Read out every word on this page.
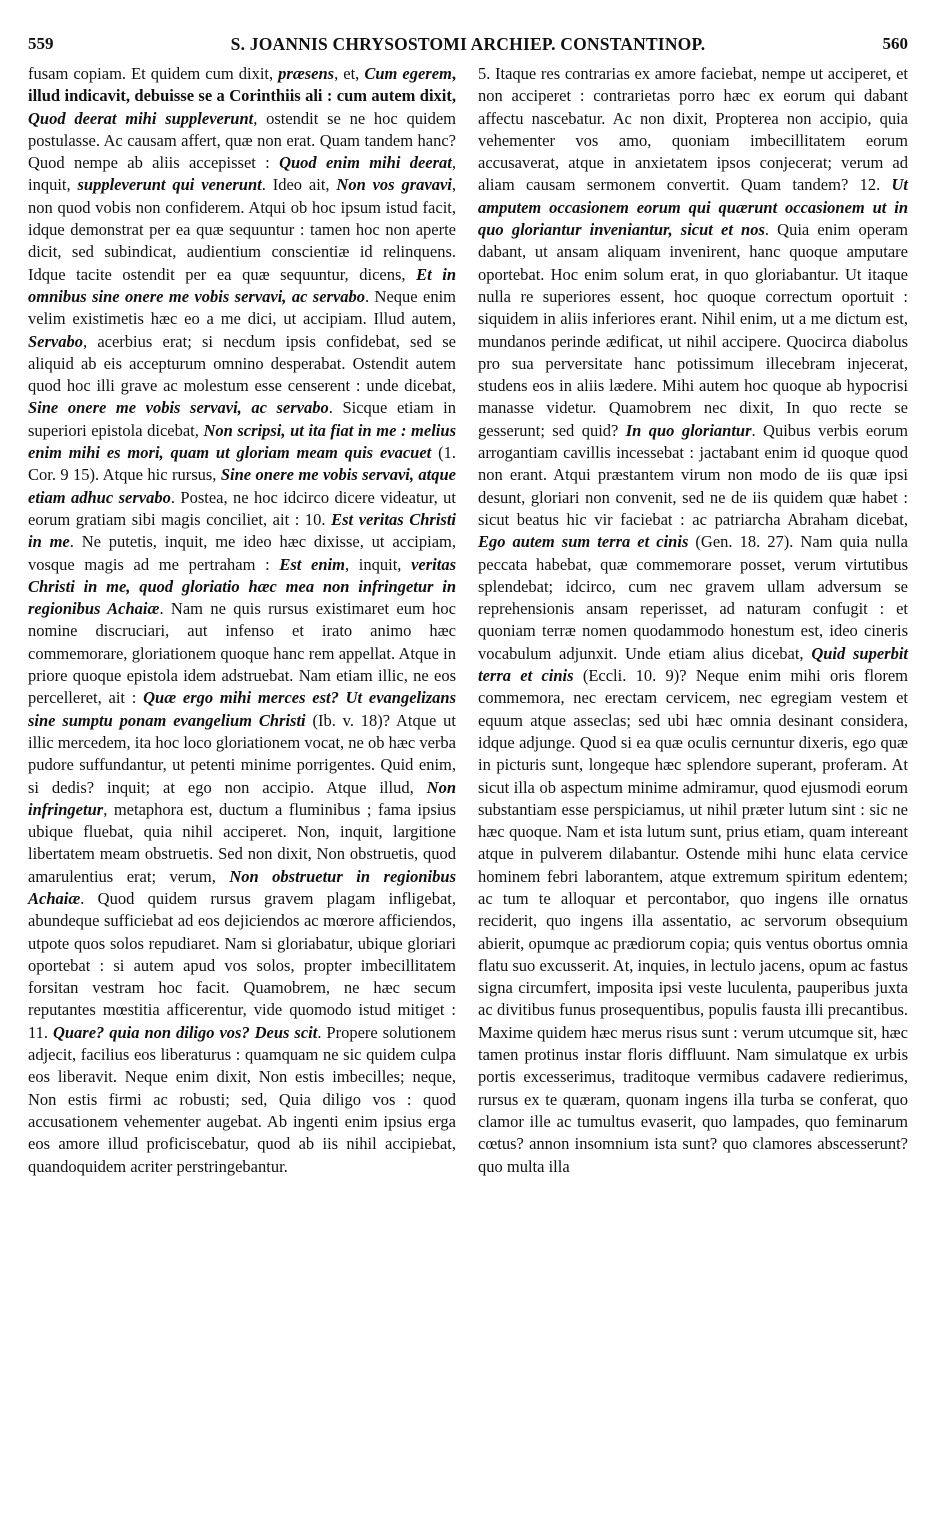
559	S. JOANNIS CHRYSOSTOMI ARCHIEP. CONSTANTINOP.	560

fusam copiam. Et quidem cum dixit, præsens, et, Cum egerem, illud indicavit, debuisse se a Corinthiis ali : cum autem dixit, Quod deerat mihi suppleverunt, ostendit se ne hoc quidem postulasse. Ac causam affert, quæ non erat. Quam tandem hanc? Quod nempe ab aliis accepisset : Quod enim mihi deerat, inquit, suppleverunt qui venerunt. Ideo ait, Non vos gravavi, non quod vobis non confiderem. Atqui ob hoc ipsum istud facit, idque demonstrat per ea quæ sequuntur : tamen hoc non aperte dicit, sed subindicat, audientium conscientiæ id relinquens. Idque tacite ostendit per ea quæ sequuntur, dicens, Et in omnibus sine onere me vobis servavi, ac servabo. Neque enim velim existimetis hæc eo a me dici, ut accipiam. Illud autem, Servabo, acerbius erat; si necdum ipsis confidebat, sed se aliquid ab eis accepturum omnino desperabat. Ostendit autem quod hoc illi grave ac molestum esse censerent : unde dicebat, Sine onere me vobis servavi, ac servabo. Sicque etiam in superiori epistola dicebat, Non scripsi, ut ita fiat in me : melius enim mihi es mori, quam ut gloriam meam quis evacuet (1. Cor. 9 15). Atque hic rursus, Sine onere me vobis servavi, atque etiam adhuc servabo. Postea, ne hoc idcirco dicere videatur, ut eorum gratiam sibi magis conciliet, ait : 10. Est veritas Christi in me. Ne putetis, inquit, me ideo hæc dixisse, ut accipiam, vosque magis ad me pertraham : Est enim, inquit, veritas Christi in me, quod gloriatio hæc mea non infringetur in regionibus Achaiæ. Nam ne quis rursus existimaret eum hoc nomine discruciari, aut infenso et irato animo hæc commemorare, gloriationem quoque hanc rem appellat. Atque in priore quoque epistola idem adstruebat. Nam etiam illic, ne eos percelleret, ait : Quæ ergo mihi merces est? Ut evangelizans sine sumptu ponam evangelium Christi (Ib. v. 18)? Atque ut illic mercedem, ita hoc loco gloriationem vocat, ne ob hæc verba pudore suffundantur, ut petenti minime porrigentes. Quid enim, si dedis? inquit; at ego non accipio. Atque illud, Non infringetur, metaphora est, ductum a fluminibus ; fama ipsius ubique fluebat, quia nihil acciperet. Non, inquit, largitione libertatem meam obstruetis. Sed non dixit, Non obstruetis, quod amarulentius erat; verum, Non obstruetur in regionibus Achaiæ. Quod quidem rursus gravem plagam infligebat, abundeque sufficiebat ad eos dejiciendos ac mœrore afficiendos, utpote quos solos repudiaret. Nam si gloriabatur, ubique gloriari oportebat : si autem apud vos solos, propter imbecillitatem forsitan vestram hoc facit. Quamobrem, ne hæc secum reputantes mœstitia afficerentur, vide quomodo istud mitiget : 11. Quare? quia non diligo vos? Deus scit. Propere solutionem adjecit, facilius eos liberaturus : quamquam ne sic quidem culpa eos liberavit. Neque enim dixit, Non estis imbecilles; neque, Non estis firmi ac robusti; sed, Quia diligo vos : quod accusationem vehementer augebat. Ab ingenti enim ipsius erga eos amore illud proficiscebatur, quod ab iis nihil accipiebat, quandoquidem acriter perstringebantur.

5. Itaque res contrarias ex amore faciebat, nempe ut acciperet, et non acciperet : contrarietas porro hæc ex eorum qui dabant affectu nascebatur. Ac non dixit, Propterea non accipio, quia vehementer vos amo, quoniam imbecillitatem eorum accusaverat, atque in anxietatem ipsos conjecerat; verum ad aliam causam sermonem convertit. Quam tandem? 12. Ut amputem occasionem eorum qui quærunt occasionem ut in quo gloriantur inveniantur, sicut et nos. Quia enim operam dabant, ut ansam aliquam invenirent, hanc quoque amputare oportebat. Hoc enim solum erat, in quo gloriabantur. Ut itaque nulla re superiores essent, hoc quoque correctum oportuit : siquidem in aliis inferiores erant. Nihil enim, ut a me dictum est, mundanos perinde ædificat, ut nihil accipere. Quocirca diabolus pro sua perversitate hanc potissimum illecebram injecerat, studens eos in aliis lædere. Mihi autem hoc quoque ab hypocrisi manasse videtur. Quamobrem nec dixit, In quo recte se gesserunt; sed quid? In quo gloriantur. Quibus verbis eorum arrogantiam cavillis incessebat : jactabant enim id quoque quod non erant. Atqui præstantem virum non modo de iis quæ ipsi desunt, gloriari non convenit, sed ne de iis quidem quæ habet : sicut beatus hic vir faciebat : ac patriarcha Abraham dicebat, Ego autem sum terra et cinis (Gen. 18. 27). Nam quia nulla peccata habebat, quæ commemorare posset, verum virtutibus splendebat; idcirco, cum nec gravem ullam adversum se reprehensionis ansam reperisset, ad naturam confugit : et quoniam terræ nomen quodammodo honestum est, ideo cineris vocabulum adjunxit. Unde etiam alius dicebat, Quid superbit terra et cinis (Eccli. 10. 9)? Neque enim mihi oris florem commemora, nec erectam cervicem, nec egregiam vestem et equum atque asseclas; sed ubi hæc omnia desinant considera, idque adjunge. Quod si ea quæ oculis cernuntur dixeris, ego quæ in picturis sunt, longeque hæc splendore superant, proferam. At sicut illa ob aspectum minime admiramur, quod ejusmodi eorum substantiam esse perspiciamus, ut nihil præter lutum sint : sic ne hæc quoque. Nam et ista lutum sunt, prius etiam, quam intereant atque in pulverem dilabantur. Ostende mihi hunc elata cervice hominem febri laborantem, atque extremum spiritum edentem; ac tum te alloquar et percontabor, quo ingens ille ornatus reciderit, quo ingens illa assentatio, ac servorum obsequium abierit, opumque ac prædiorum copia; quis ventus obortus omnia flatu suo excusserit. At, inquies, in lectulo jacens, opum ac fastus signa circumfert, imposita ipsi veste luculenta, pauperibus juxta ac divitibus funus prosequentibus, populis fausta illi precantibus. Maxime quidem hæc merus risus sunt : verum utcumque sit, hæc tamen protinus instar floris diffluunt. Nam simulatque ex urbis portis excesserimus, traditoque vermibus cadavere redierimus, rursus ex te quæram, quonam ingens illa turba se conferat, quo clamor ille ac tumultus evaserit, quo lampades, quo feminarum cœtus? annon insomnium ista sunt? quo clamores abscesserunt? quo multa illa
